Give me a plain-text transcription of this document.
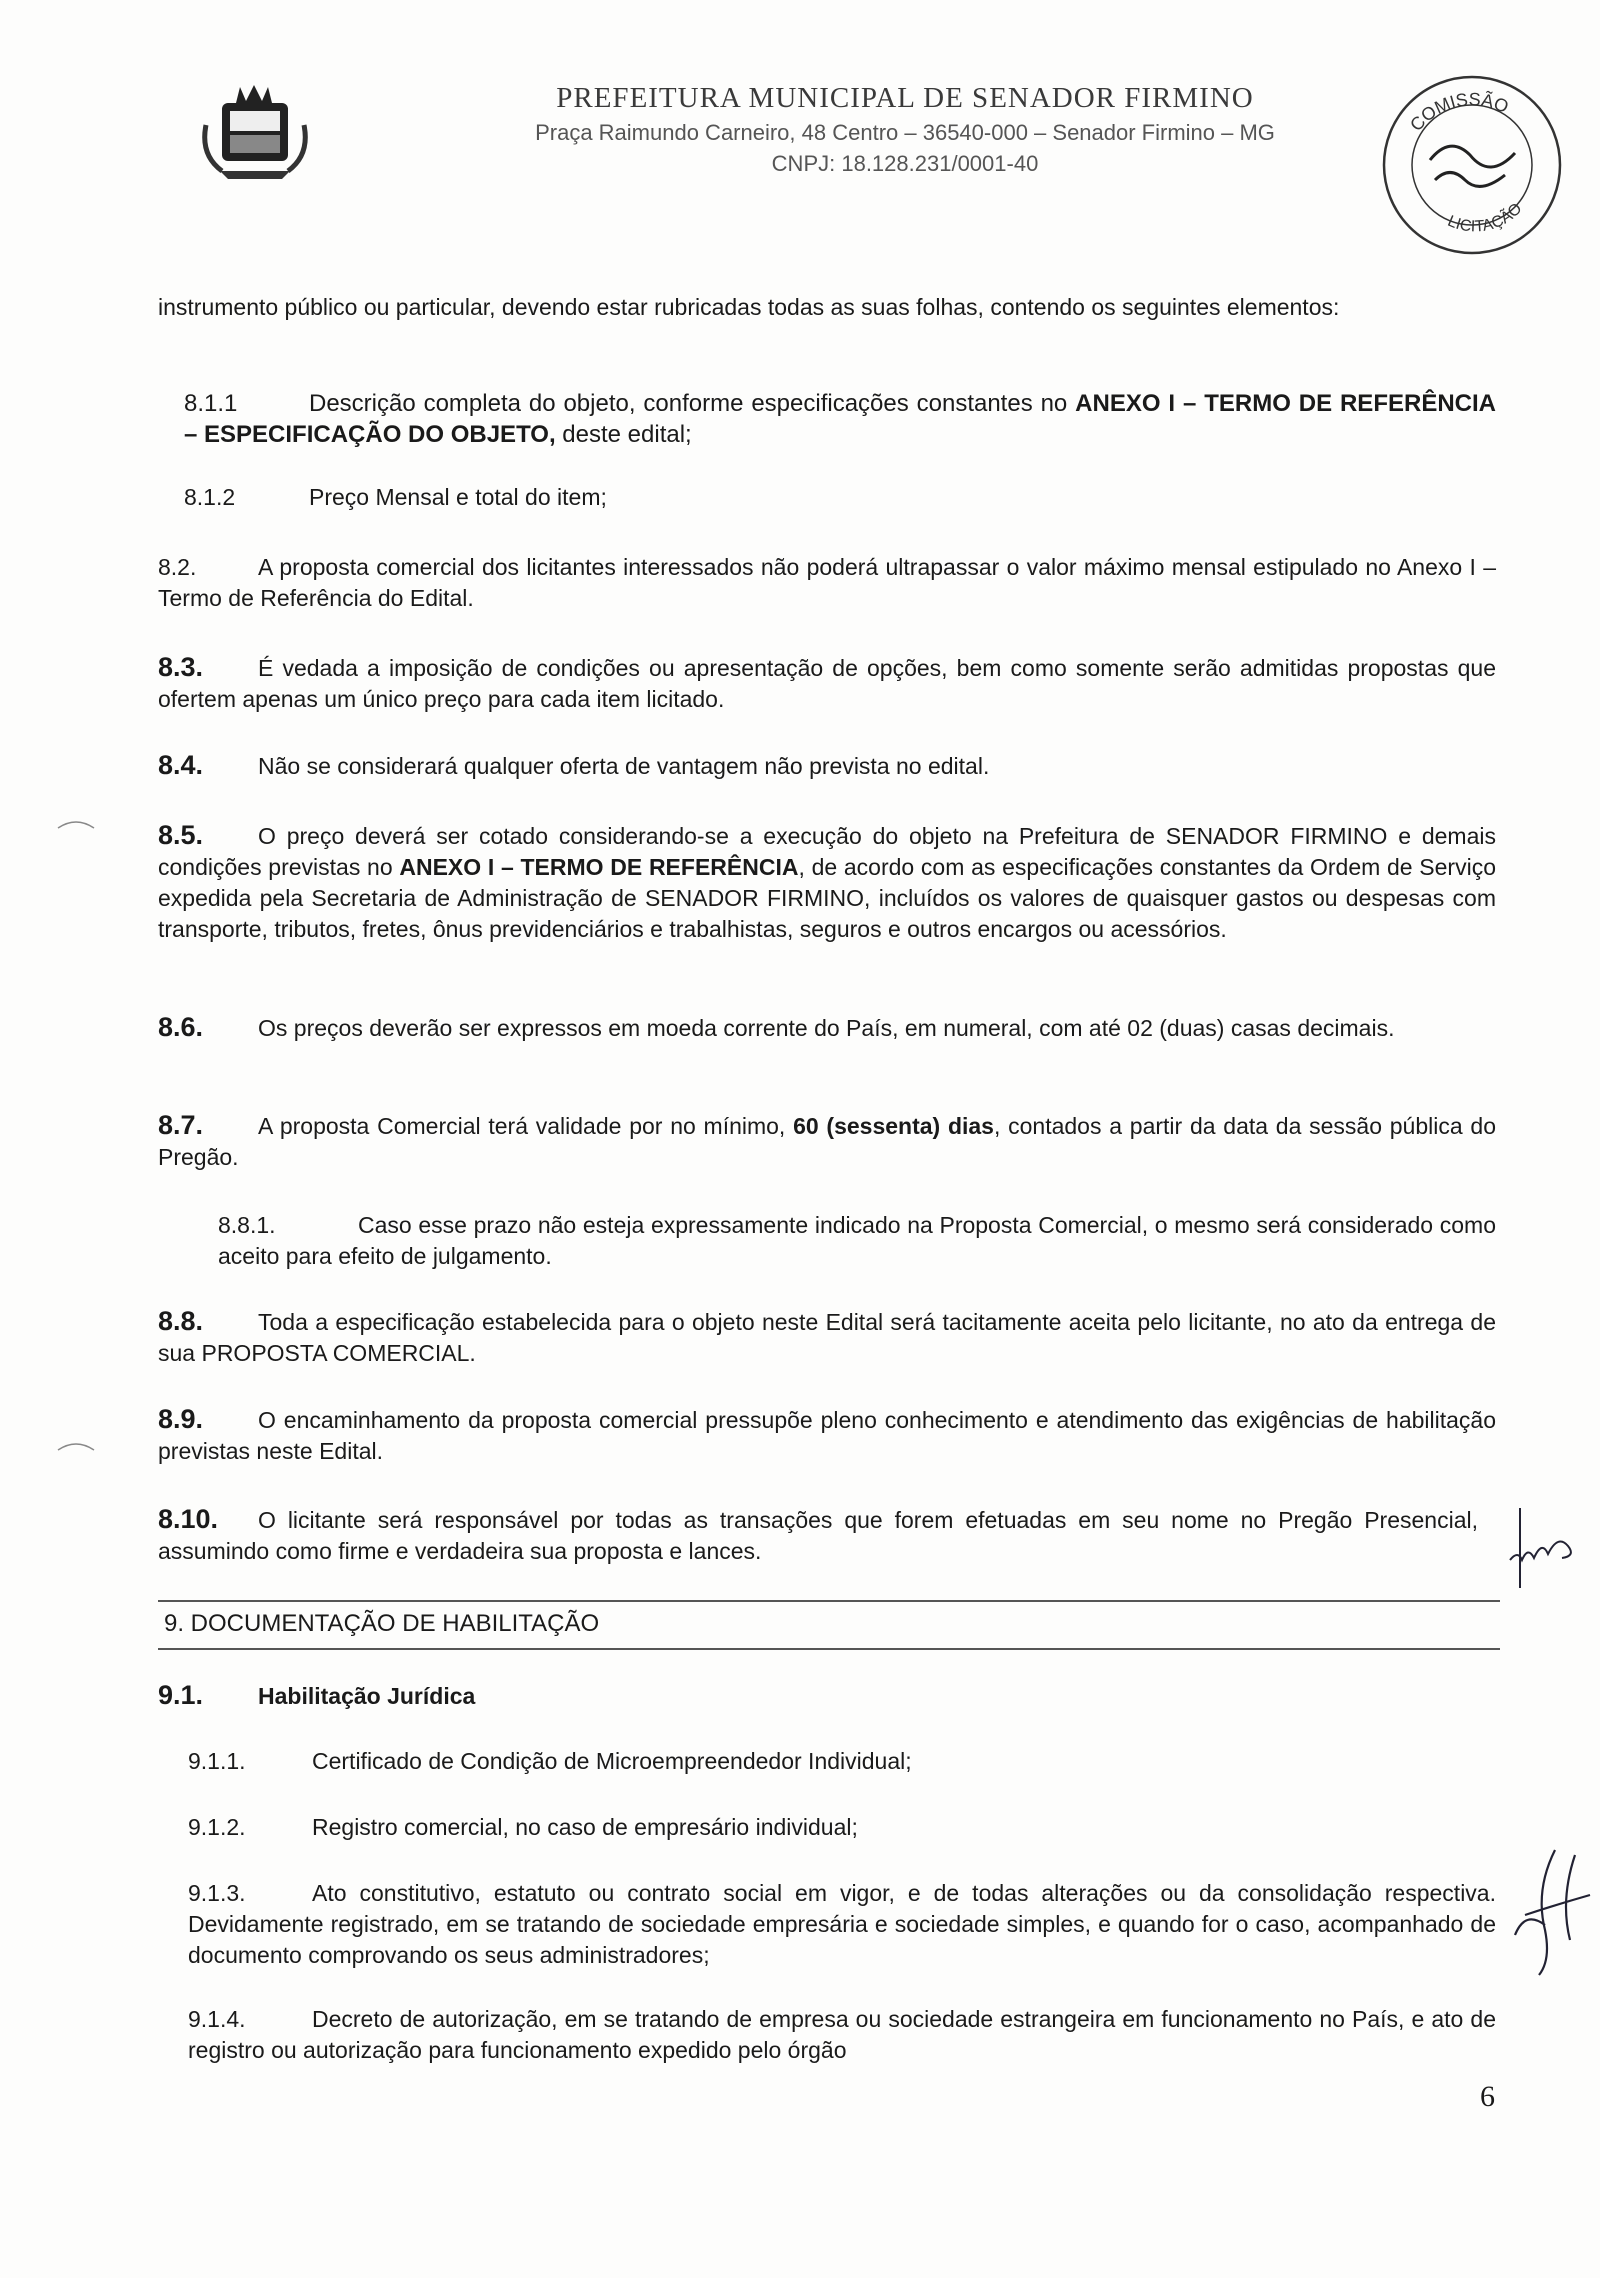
PREFEITURA MUNICIPAL DE SENADOR FIRMINO
Praça Raimundo Carneiro, 48 Centro – 36540-000 – Senador Firmino – MG
CNPJ: 18.128.231/0001-40
COMISSÃO
LICITAÇÃO
instrumento público ou particular, devendo estar rubricadas todas as suas folhas, contendo os seguintes elementos:
8.1.1	Descrição completa do objeto, conforme especificações constantes no ANEXO I – TERMO DE REFERÊNCIA – ESPECIFICAÇÃO DO OBJETO, deste edital;
8.1.2	Preço Mensal e total do item;
8.2.	A proposta comercial dos licitantes interessados não poderá ultrapassar o valor máximo mensal estipulado no Anexo I – Termo de Referência do Edital.
8.3. É vedada a imposição de condições ou apresentação de opções, bem como somente serão admitidas propostas que ofertem apenas um único preço para cada item licitado.
8.4. Não se considerará qualquer oferta de vantagem não prevista no edital.
8.5. O preço deverá ser cotado considerando-se a execução do objeto na Prefeitura de SENADOR FIRMINO e demais condições previstas no ANEXO I – TERMO DE REFERÊNCIA, de acordo com as especificações constantes da Ordem de Serviço expedida pela Secretaria de Administração de SENADOR FIRMINO, incluídos os valores de quaisquer gastos ou despesas com transporte, tributos, fretes, ônus previdenciários e trabalhistas, seguros e outros encargos ou acessórios.
8.6. Os preços deverão ser expressos em moeda corrente do País, em numeral, com até 02 (duas) casas decimais.
8.7. A proposta Comercial terá validade por no mínimo, 60 (sessenta) dias, contados a partir da data da sessão pública do Pregão.
8.8.1.	Caso esse prazo não esteja expressamente indicado na Proposta Comercial, o mesmo será considerado como aceito para efeito de julgamento.
8.8. Toda a especificação estabelecida para o objeto neste Edital será tacitamente aceita pelo licitante, no ato da entrega de sua PROPOSTA COMERCIAL.
8.9. O encaminhamento da proposta comercial pressupõe pleno conhecimento e atendimento das exigências de habilitação previstas neste Edital.
8.10. O licitante será responsável por todas as transações que forem efetuadas em seu nome no Pregão Presencial, assumindo como firme e verdadeira sua proposta e lances.
9. DOCUMENTAÇÃO DE HABILITAÇÃO
9.1. Habilitação Jurídica
9.1.1.	Certificado de Condição de Microempreendedor Individual;
9.1.2.	Registro comercial, no caso de empresário individual;
9.1.3.	Ato constitutivo, estatuto ou contrato social em vigor, e de todas alterações ou da consolidação respectiva. Devidamente registrado, em se tratando de sociedade empresária e sociedade simples, e quando for o caso, acompanhado de documento comprovando os seus administradores;
9.1.4.	Decreto de autorização, em se tratando de empresa ou sociedade estrangeira em funcionamento no País, e ato de registro ou autorização para funcionamento expedido pelo órgão
6
